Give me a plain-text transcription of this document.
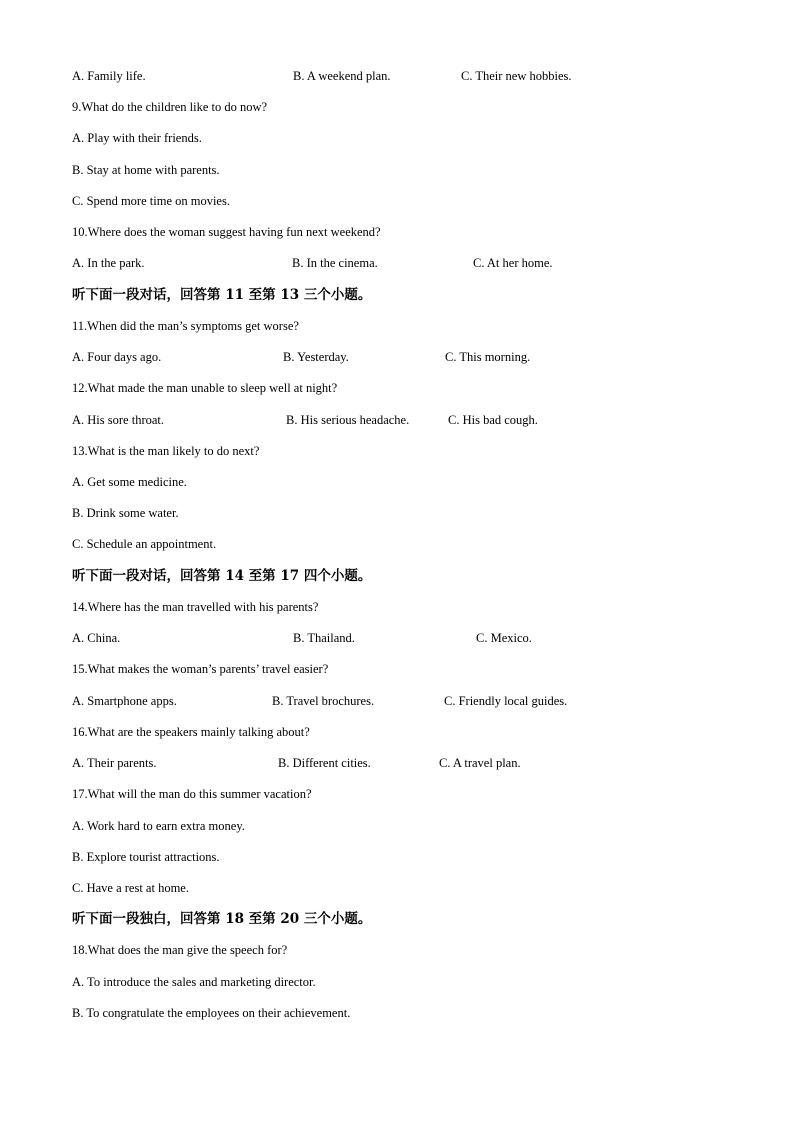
A. Family life.	B. A weekend plan.	C. Their new hobbies.
9.What do the children like to do now?
A. Play with their friends.
B. Stay at home with parents.
C. Spend more time on movies.
10.Where does the woman suggest having fun next weekend?
A. In the park.	B. In the cinema.	C. At her home.
听下面一段对话，回答第 11 至第 13 三个小题。
11.When did the man’s symptoms get worse?
A. Four days ago.	B. Yesterday.	C. This morning.
12.What made the man unable to sleep well at night?
A. His sore throat.	B. His serious headache.	C. His bad cough.
13.What is the man likely to do next?
A. Get some medicine.
B. Drink some water.
C. Schedule an appointment.
听下面一段对话，回答第 14 至第 17 四个小题。
14.Where has the man travelled with his parents?
A. China.	B. Thailand.	C. Mexico.
15.What makes the woman’s parents’ travel easier?
A. Smartphone apps.	B. Travel brochures.	C. Friendly local guides.
16.What are the speakers mainly talking about?
A. Their parents.	B. Different cities.	C. A travel plan.
17.What will the man do this summer vacation?
A. Work hard to earn extra money.
B. Explore tourist attractions.
C. Have a rest at home.
听下面一段独白，回答第 18 至第 20 三个小题。
18.What does the man give the speech for?
A. To introduce the sales and marketing director.
B. To congratulate the employees on their achievement.
